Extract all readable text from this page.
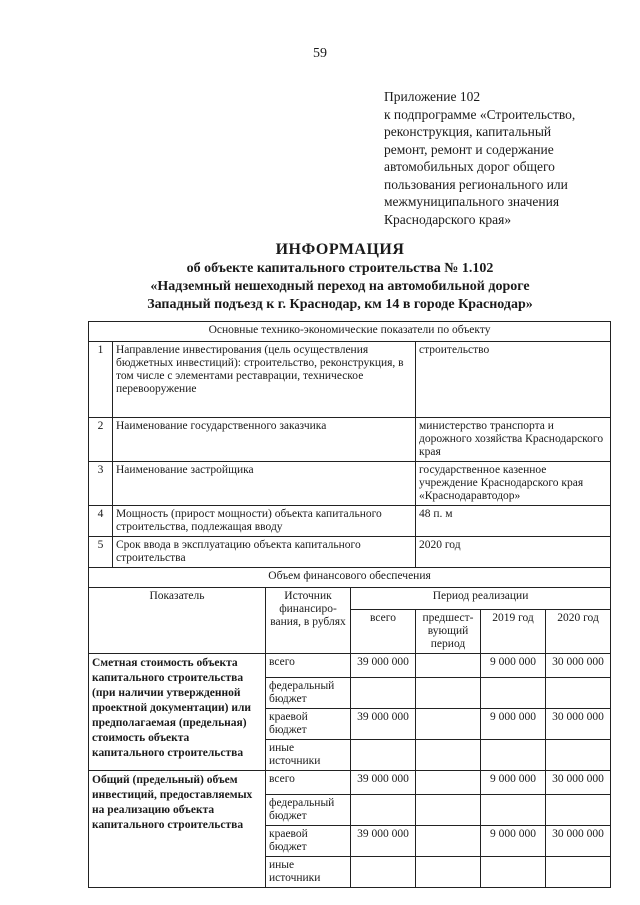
59
Приложение 102
к подпрограмме «Строительство,
реконструкция, капитальный
ремонт, ремонт и содержание
автомобильных дорог общего
пользования регионального или
межмуниципального значения
Краснодарского края»
ИНФОРМАЦИЯ
об объекте капитального строительства № 1.102
«Надземный нешеходный переход на автомобильной дороге
Западный подъезд к г. Краснодар, км 14 в городе Краснодар»
Основные технико-экономические показатели по объекту						
1	Направление инвестирования (цель осуществления бюджетных инвестиций): строительство, реконструкция, в том числе с элементами реставрации, техническое перевооружение			строительство		
2	Наименование государственного заказчика			министерство транспорта и дорожного хозяйства Краснодарского края		
3	Наименование застройщика			государственное казенное учреждение Краснодарского края «Краснодаравтодор»		
4	Мощность (прирост мощности) объекта капитального строительства, подлежащая вводу			48 п. м		
5	Срок ввода в эксплуатацию объекта капитального строительства			2020 год		
Объем финансового обеспечения						
Показатель		Источник финансиро-вания, в рублях	Период реализации			
			всего	предшест-вующий период	2019 год	2020 год
Сметная стоимость объекта капитального строительства (при наличии утвержденной проектной документации) или предполагаемая (предельная) стоимость объекта капитального строительства		всего	39 000 000		9 000 000	30 000 000
		федеральный бюджет				
		краевой бюджет	39 000 000		9 000 000	30 000 000
		иные источники				
Общий (предельный) объем инвестиций, предоставляемых на реализацию объекта капитального строительства		всего	39 000 000		9 000 000	30 000 000
		федеральный бюджет				
		краевой бюджет	39 000 000		9 000 000	30 000 000
		иные источники				
